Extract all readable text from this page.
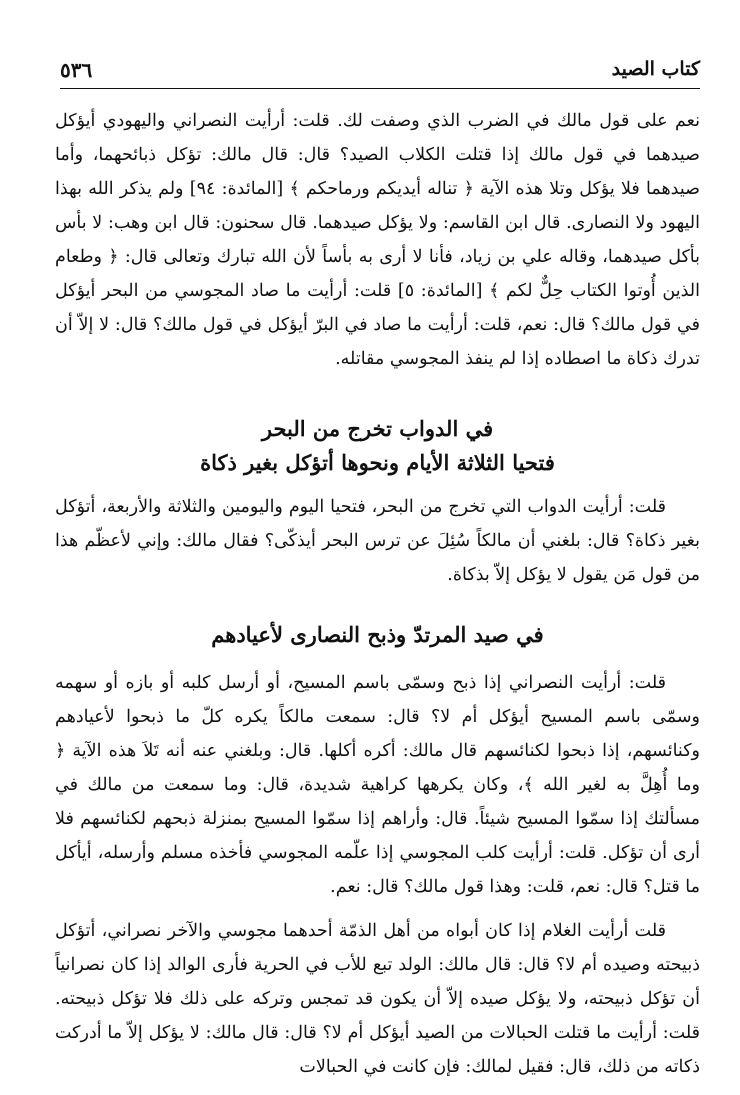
كتاب الصيد
٥٣٦

نعم على قول مالك في الضرب الذي وصفت لك. قلت: أرأيت النصراني واليهودي أيؤكل صيدهما في قول مالك إذا قتلت الكلاب الصيد؟ قال: قال مالك: تؤكل ذبائحهما، وأما صيدهما فلا يؤكل وتلا هذه الآية ﴿ تناله أيديكم ورماحكم ﴾ [المائدة: ٩٤] ولم يذكر الله بهذا اليهود ولا النصارى. قال ابن القاسم: ولا يؤكل صيدهما. قال سحنون: قال ابن وهب: لا بأس بأكل صيدهما، وقاله علي بن زياد، فأنا لا أرى به بأساً لأن الله تبارك وتعالى قال: ﴿ وطعام الذين أُوتوا الكتاب حِلٌّ لكم ﴾ [المائدة: ٥] قلت: أرأيت ما صاد المجوسي من البحر أيؤكل في قول مالك؟ قال: نعم، قلت: أرأيت ما صاد في البرّ أيؤكل في قول مالك؟ قال: لا إلاّ أن تدرك ذكاة ما اصطاده إذا لم ينفذ المجوسي مقاتله.

في الدواب تخرج من البحر
فتحيا الثلاثة الأيام ونحوها أتؤكل بغير ذكاة

قلت: أرأيت الدواب التي تخرج من البحر، فتحيا اليوم واليومين والثلاثة والأربعة، أتؤكل بغير ذكاة؟ قال: بلغني أن مالكاً سُئِلَ عن ترس البحر أيذكّى؟ فقال مالك: وإني لأعظّم هذا من قول مَن يقول لا يؤكل إلاّ بذكاة.

في صيد المرتدّ وذبح النصارى لأعيادهم

قلت: أرأيت النصراني إذا ذبح وسمّى باسم المسيح، أو أرسل كلبه أو بازه أو سهمه وسمّى باسم المسيح أيؤكل أم لا؟ قال: سمعت مالكاً يكره كلّ ما ذبحوا لأعيادهم وكنائسهم، إذا ذبحوا لكنائسهم قال مالك: أكره أكلها. قال: وبلغني عنه أنه تَلاَ هذه الآية ﴿ وما أُهِلَّ به لغير الله ﴾، وكان يكرهها كراهية شديدة، قال: وما سمعت من مالك في مسألتك إذا سمّوا المسيح شيئاً. قال: وأراهم إذا سمّوا المسيح بمنزلة ذبحهم لكنائسهم فلا أرى أن تؤكل. قلت: أرأيت كلب المجوسي إذا علّمه المجوسي فأخذه مسلم وأرسله، أيأكل ما قتل؟ قال: نعم، قلت: وهذا قول مالك؟ قال: نعم.

قلت أرأيت الغلام إذا كان أبواه من أهل الذمّة أحدهما مجوسي والآخر نصراني، أتؤكل ذبيحته وصيده أم لا؟ قال: قال مالك: الولد تبع للأب في الحرية فأرى الوالد إذا كان نصرانياً أن تؤكل ذبيحته، ولا يؤكل صيده إلاّ أن يكون قد تمجس وتركه على ذلك فلا تؤكل ذبيحته. قلت: أرأيت ما قتلت الحبالات من الصيد أيؤكل أم لا؟ قال: قال مالك: لا يؤكل إلاّ ما أدركت ذكاته من ذلك، قال: فقيل لمالك: فإن كانت في الحبالات
